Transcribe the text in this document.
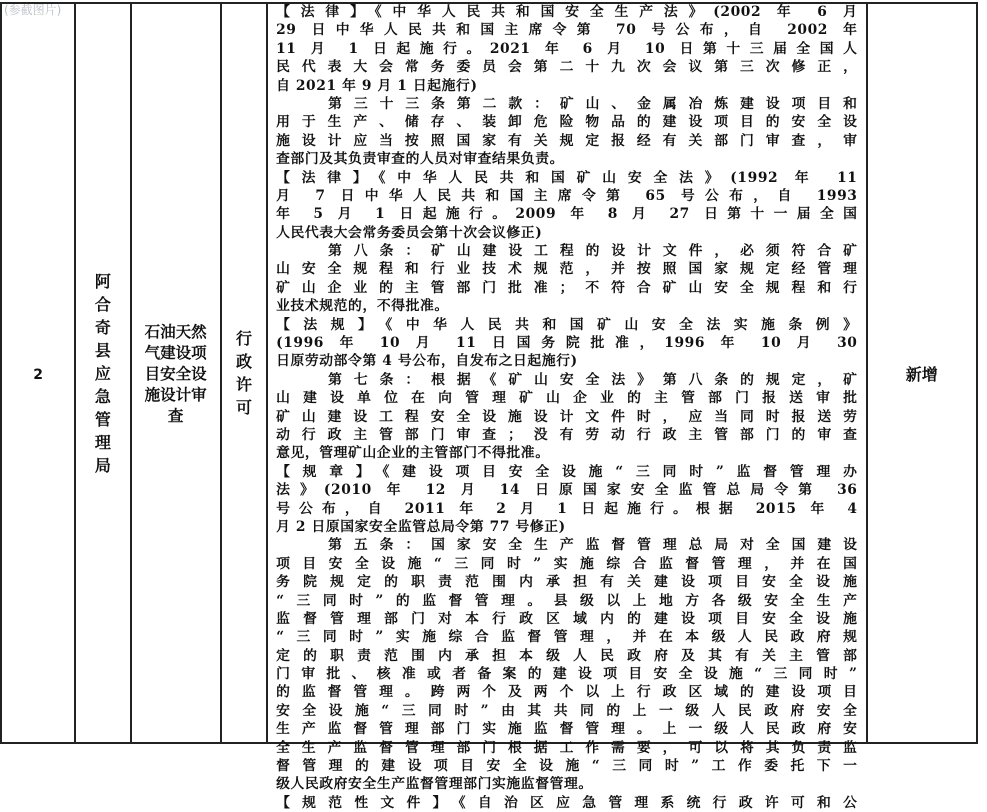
(参截图片)
2	阿合奇县应急管理局	石油天然气建设项目安全设施设计审查	行政许可	
【法律】《中华人民共和国安全生产法》(2002 年 6 月
29 日中华人民共和国主席令第 70 号公布，自 2002 年
11 月 1 日起施行。2021 年 6 月 10 日第十三届全国人
民代表大会常务委员会第二十九次会议第三次修正，
自 2021 年 9 月 1 日起施行)
第三十三条第二款：矿山、金属冶炼建设项目和
用于生产、储存、装卸危险物品的建设项目的安全设
施设计应当按照国家有关规定报经有关部门审查，审
查部门及其负责审查的人员对审查结果负责。
【法律】《中华人民共和国矿山安全法》(1992 年 11
月 7 日中华人民共和国主席令第 65 号公布，自 1993
年 5 月 1 日起施行。2009 年 8 月 27 日第十一届全国
人民代表大会常务委员会第十次会议修正)
第八条：矿山建设工程的设计文件，必须符合矿
山安全规程和行业技术规范，并按照国家规定经管理
矿山企业的主管部门批准；不符合矿山安全规程和行
业技术规范的，不得批准。
【法规】《中华人民共和国矿山安全法实施条例》
(1996 年 10 月 11 日国务院批准，1996 年 10 月 30
日原劳动部令第 4 号公布，自发布之日起施行)
第七条：根据《矿山安全法》第八条的规定，矿
山建设单位在向管理矿山企业的主管部门报送审批
矿山建设工程安全设施设计文件时，应当同时报送劳
动行政主管部门审查；没有劳动行政主管部门的审查
意见，管理矿山企业的主管部门不得批准。
【规章】《建设项目安全设施“三同时”监督管理办
法》(2010 年 12 月 14 日原国家安全监管总局令第 36
号公布，自 2011 年 2 月 1 日起施行。根据 2015 年 4
月 2 日原国家安全监管总局令第 77 号修正)
第五条：国家安全生产监督管理总局对全国建设
项目安全设施“三同时”实施综合监督管理，并在国
务院规定的职责范围内承担有关建设项目安全设施
“三同时”的监督管理。县级以上地方各级安全生产
监督管理部门对本行政区域内的建设项目安全设施
“三同时”实施综合监督管理，并在本级人民政府规
定的职责范围内承担本级人民政府及其有关主管部
门审批、核准或者备案的建设项目安全设施“三同时”
的监督管理。跨两个及两个以上行政区域的建设项目
安全设施“三同时”由其共同的上一级人民政府安全
生产监督管理部门实施监督管理。上一级人民政府安
全生产监督管理部门根据工作需要，可以将其负责监
督管理的建设项目安全设施“三同时”工作委托下一
级人民政府安全生产监督管理部门实施监督管理。
【规范性文件】《自治区应急管理系统行政许可和公
	新增
